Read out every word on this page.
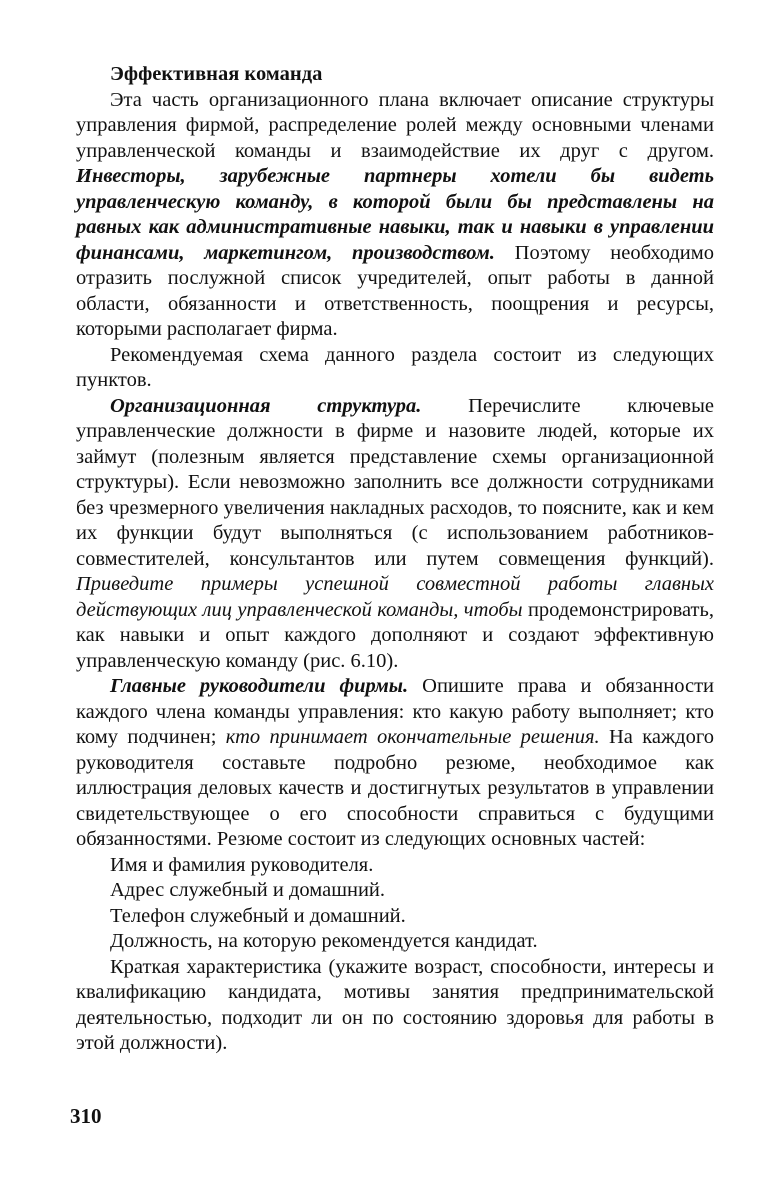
Эффективная команда

Эта часть организационного плана включает описание структуры управления фирмой, распределение ролей между основными членами управленческой команды и взаимодействие их друг с другом. Инвесторы, зарубежные партнеры хотели бы видеть управленческую команду, в которой были бы представлены на равных как административные навыки, так и навыки в управлении финансами, маркетингом, производством. Поэтому необходимо отразить послужной список учредителей, опыт работы в данной области, обязанности и ответственность, поощрения и ресурсы, которыми располагает фирма.

Рекомендуемая схема данного раздела состоит из следующих пунктов.

Организационная структура. Перечислите ключевые управленческие должности в фирме и назовите людей, которые их займут (полезным является представление схемы организационной структуры). Если невозможно заполнить все должности сотрудниками без чрезмерного увеличения накладных расходов, то поясните, как и кем их функции будут выполняться (с использованием работников-совместителей, консультантов или путем совмещения функций). Приведите примеры успешной совместной работы главных действующих лиц управленческой команды, чтобы продемонстрировать, как навыки и опыт каждого дополняют и создают эффективную управленческую команду (рис. 6.10).

Главные руководители фирмы. Опишите права и обязанности каждого члена команды управления: кто какую работу выполняет; кто кому подчинен; кто принимает окончательные решения. На каждого руководителя составьте подробно резюме, необходимое как иллюстрация деловых качеств и достигнутых результатов в управлении свидетельствующее о его способности справиться с будущими обязанностями. Резюме состоит из следующих основных частей:

Имя и фамилия руководителя.
Адрес служебный и домашний.
Телефон служебный и домашний.
Должность, на которую рекомендуется кандидат.

Краткая характеристика (укажите возраст, способности, интересы и квалификацию кандидата, мотивы занятия предпринимательской деятельностью, подходит ли он по состоянию здоровья для работы в этой должности).

310
